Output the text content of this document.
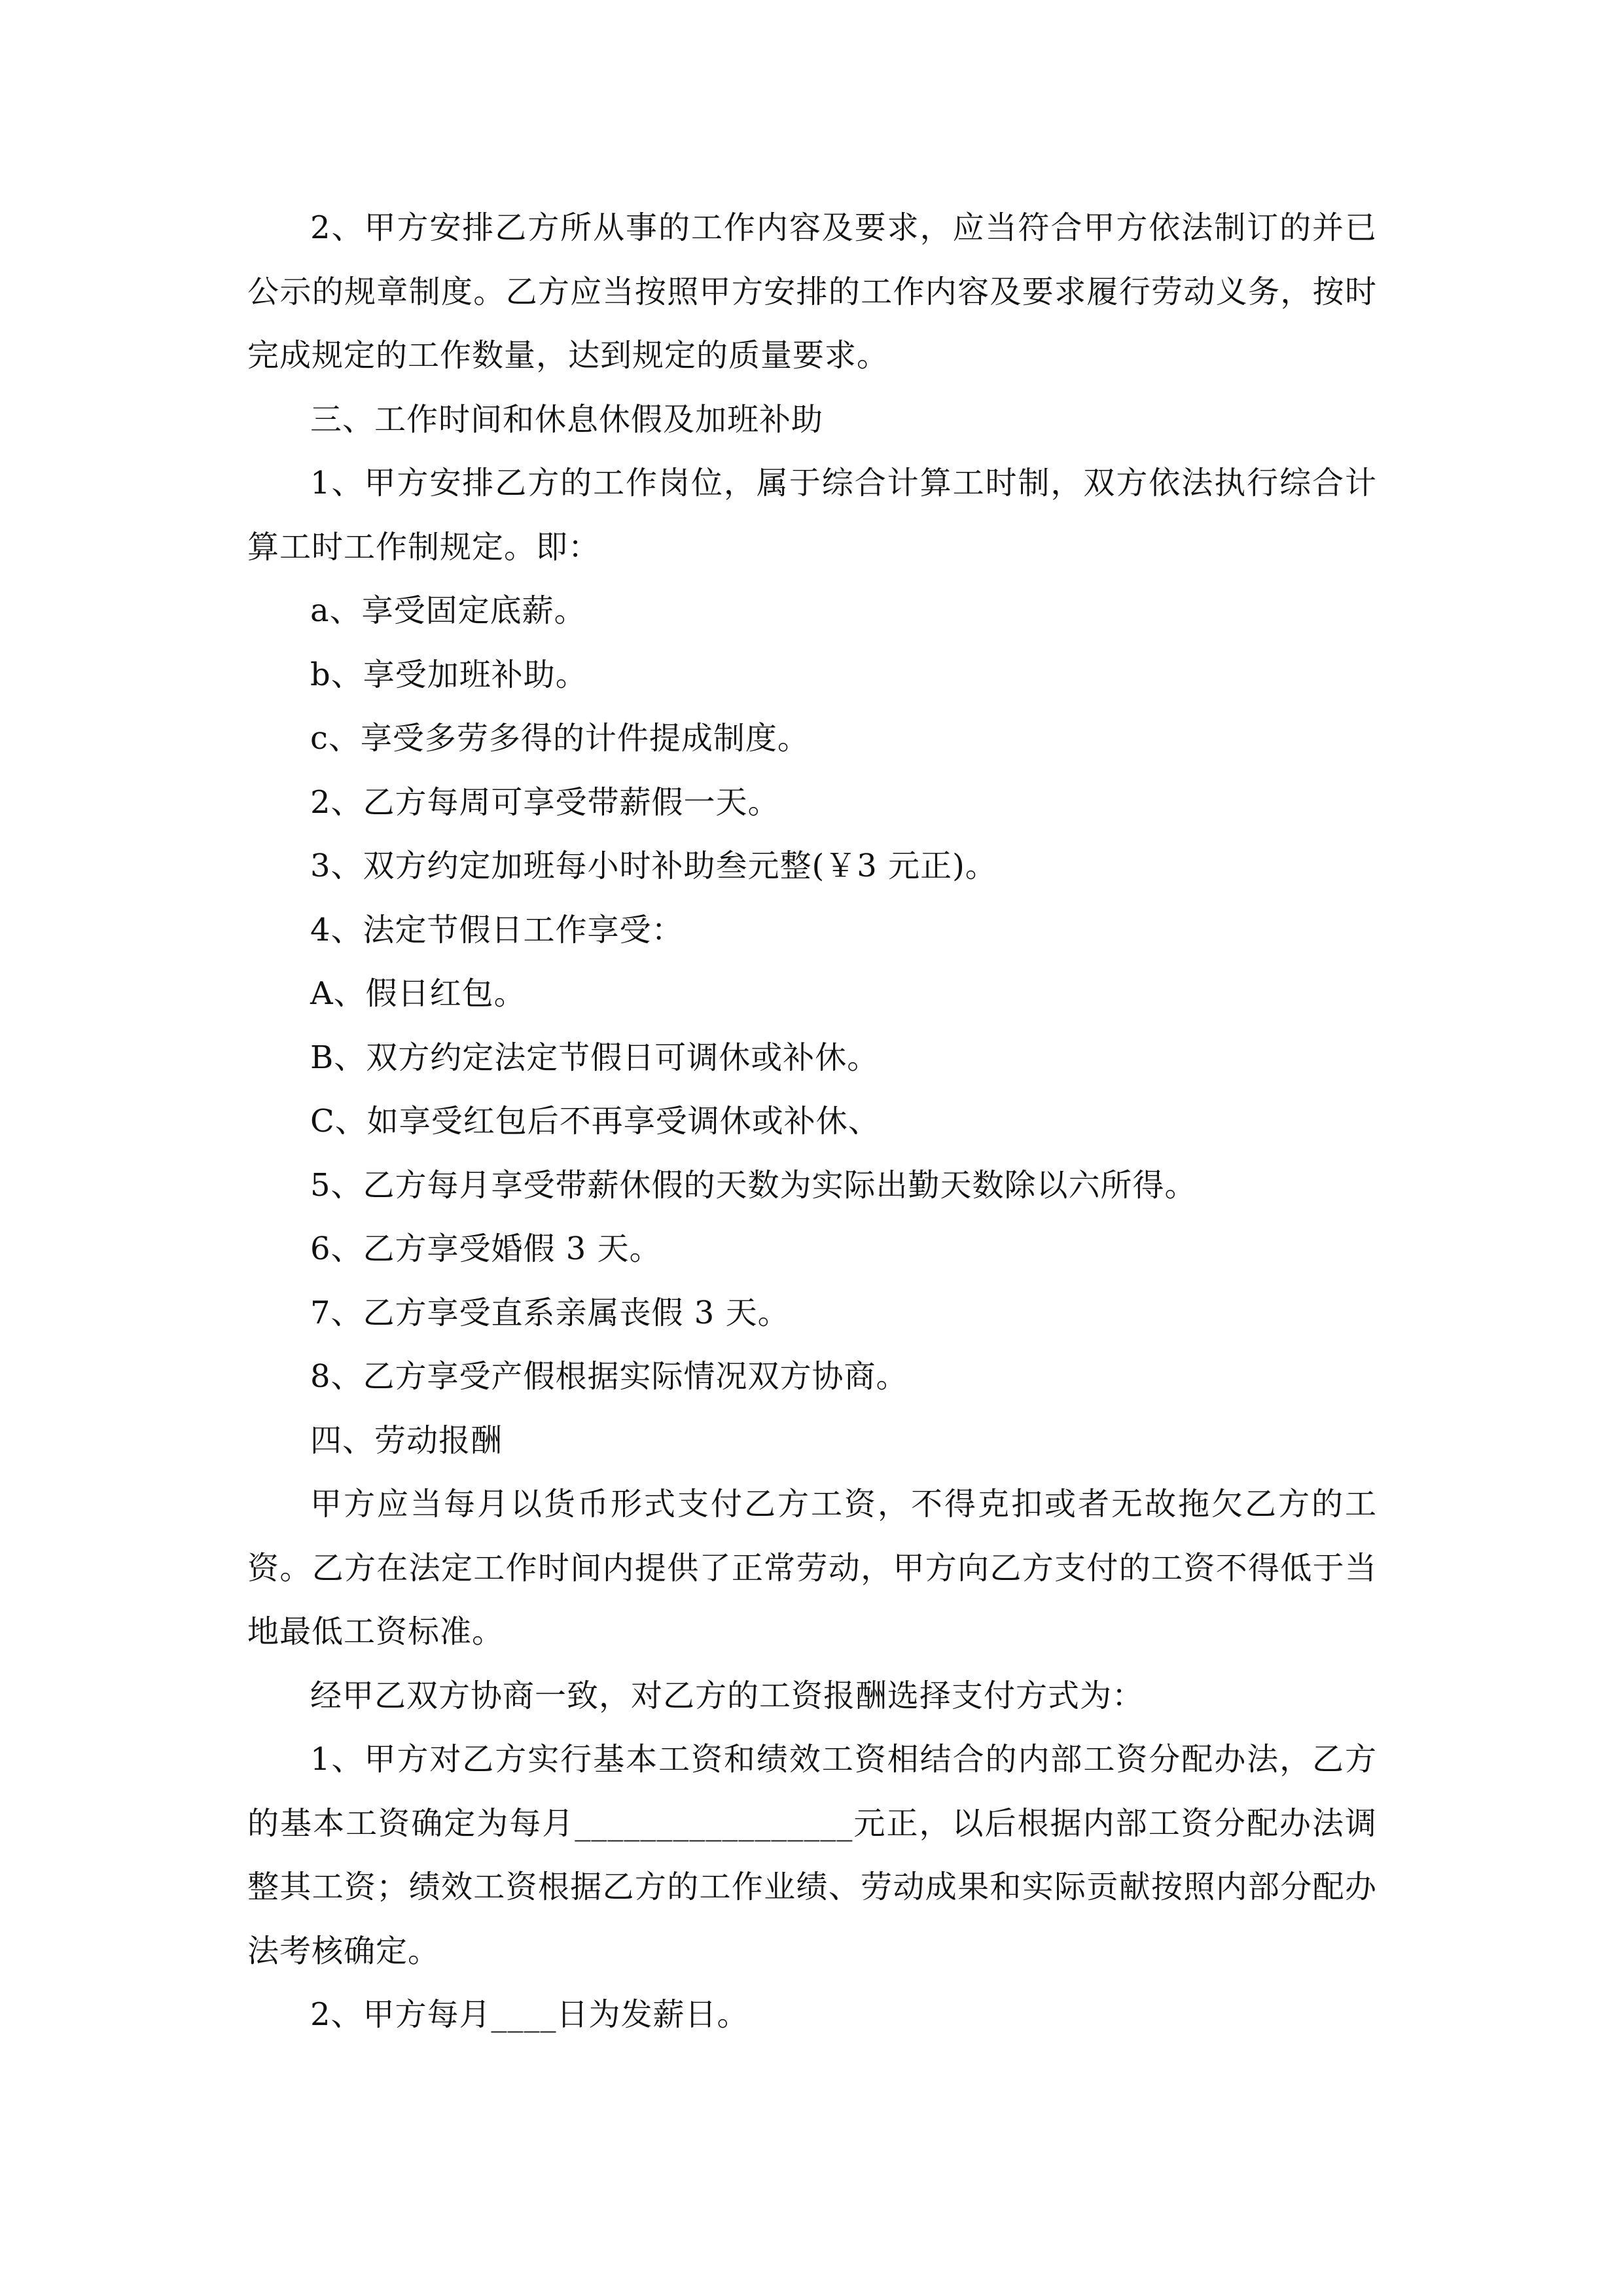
2、甲方安排乙方所从事的工作内容及要求，应当符合甲方依法制订的并已公示的规章制度。乙方应当按照甲方安排的工作内容及要求履行劳动义务，按时完成规定的工作数量，达到规定的质量要求。

三、工作时间和休息休假及加班补助

1、甲方安排乙方的工作岗位，属于综合计算工时制，双方依法执行综合计算工时工作制规定。即：

a、享受固定底薪。

b、享受加班补助。

c、享受多劳多得的计件提成制度。

2、乙方每周可享受带薪假一天。

3、双方约定加班每小时补助叁元整(￥3 元正)。

4、法定节假日工作享受：

A、假日红包。

B、双方约定法定节假日可调休或补休。

C、如享受红包后不再享受调休或补休、

5、乙方每月享受带薪休假的天数为实际出勤天数除以六所得。

6、乙方享受婚假 3 天。

7、乙方享受直系亲属丧假 3 天。

8、乙方享受产假根据实际情况双方协商。

四、劳动报酬

甲方应当每月以货币形式支付乙方工资，不得克扣或者无故拖欠乙方的工资。乙方在法定工作时间内提供了正常劳动，甲方向乙方支付的工资不得低于当地最低工资标准。

经甲乙双方协商一致，对乙方的工资报酬选择支付方式为：

1、甲方对乙方实行基本工资和绩效工资相结合的内部工资分配办法，乙方的基本工资确定为每月_________________元正，以后根据内部工资分配办法调整其工资；绩效工资根据乙方的工作业绩、劳动成果和实际贡献按照内部分配办法考核确定。

2、甲方每月____日为发薪日。
